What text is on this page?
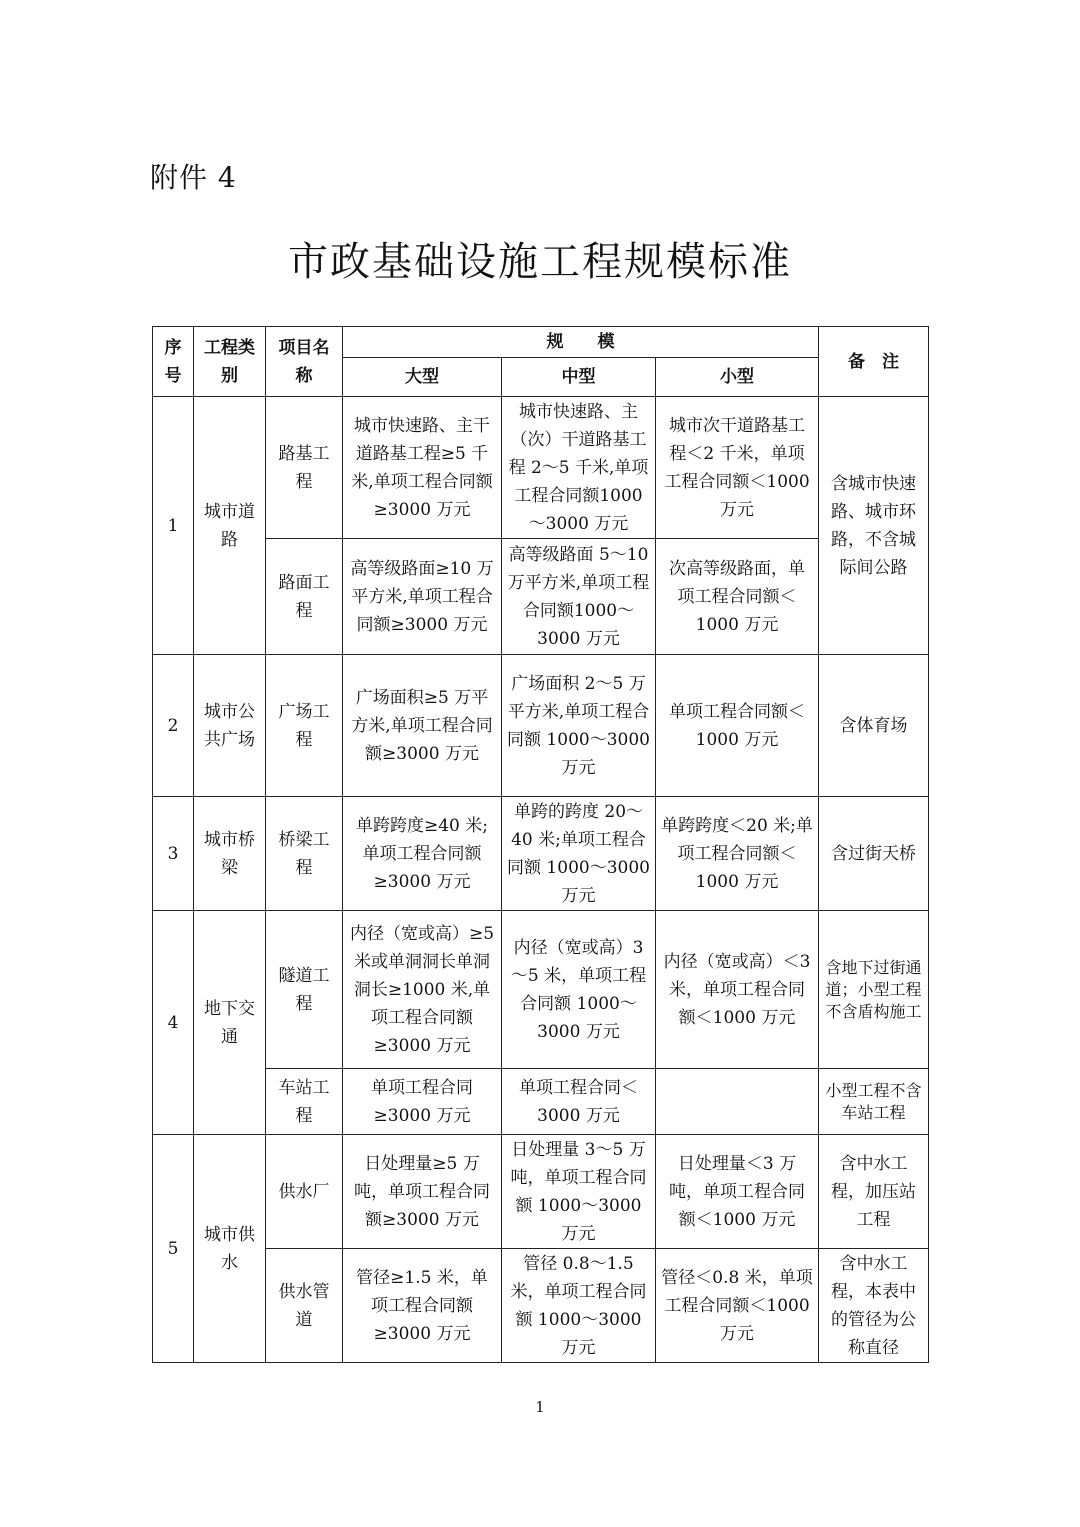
附件 4
市政基础设施工程规模标准
序号	工程类别	项目名称	规　　模			备　注
			大型	中型	小型	
1	城市道路	路基工程	城市快速路、主干道路基工程≥5 千米,单项工程合同额≥3000 万元	城市快速路、主（次）干道路基工程 2～5 千米,单项工程合同额1000～3000 万元	城市次干道路基工程＜2 千米，单项工程合同额＜1000 万元	含城市快速路、城市环路，不含城际间公路
		路面工程	高等级路面≥10 万平方米,单项工程合同额≥3000 万元	高等级路面 5～10 万平方米,单项工程合同额1000～3000 万元	次高等级路面，单项工程合同额＜1000 万元	
2	城市公共广场	广场工程	广场面积≥5 万平方米,单项工程合同额≥3000 万元	广场面积 2～5 万平方米,单项工程合同额 1000～3000 万元	单项工程合同额＜1000 万元	含体育场
3	城市桥梁	桥梁工程	单跨跨度≥40 米;单项工程合同额≥3000 万元	单跨的跨度 20～40 米;单项工程合同额 1000～3000 万元	单跨跨度＜20 米;单项工程合同额＜1000 万元	含过街天桥
4	地下交通	隧道工程	内径（宽或高）≥5 米或单洞洞长单洞洞长≥1000 米,单项工程合同额≥3000 万元	内径（宽或高）3～5 米，单项工程合同额 1000～3000 万元	内径（宽或高）＜3 米，单项工程合同额＜1000 万元	含地下过街通道；小型工程不含盾构施工
		车站工程	单项工程合同≥3000 万元	单项工程合同＜3000 万元		小型工程不含车站工程
5	城市供水	供水厂	日处理量≥5 万吨，单项工程合同额≥3000 万元	日处理量 3～5 万吨，单项工程合同额 1000～3000 万元	日处理量＜3 万吨，单项工程合同额＜1000 万元	含中水工程，加压站工程
		供水管道	管径≥1.5 米，单项工程合同额≥3000 万元	管径 0.8～1.5 米，单项工程合同额 1000～3000 万元	管径＜0.8 米，单项工程合同额＜1000 万元	含中水工程，本表中的管径为公称直径
1
